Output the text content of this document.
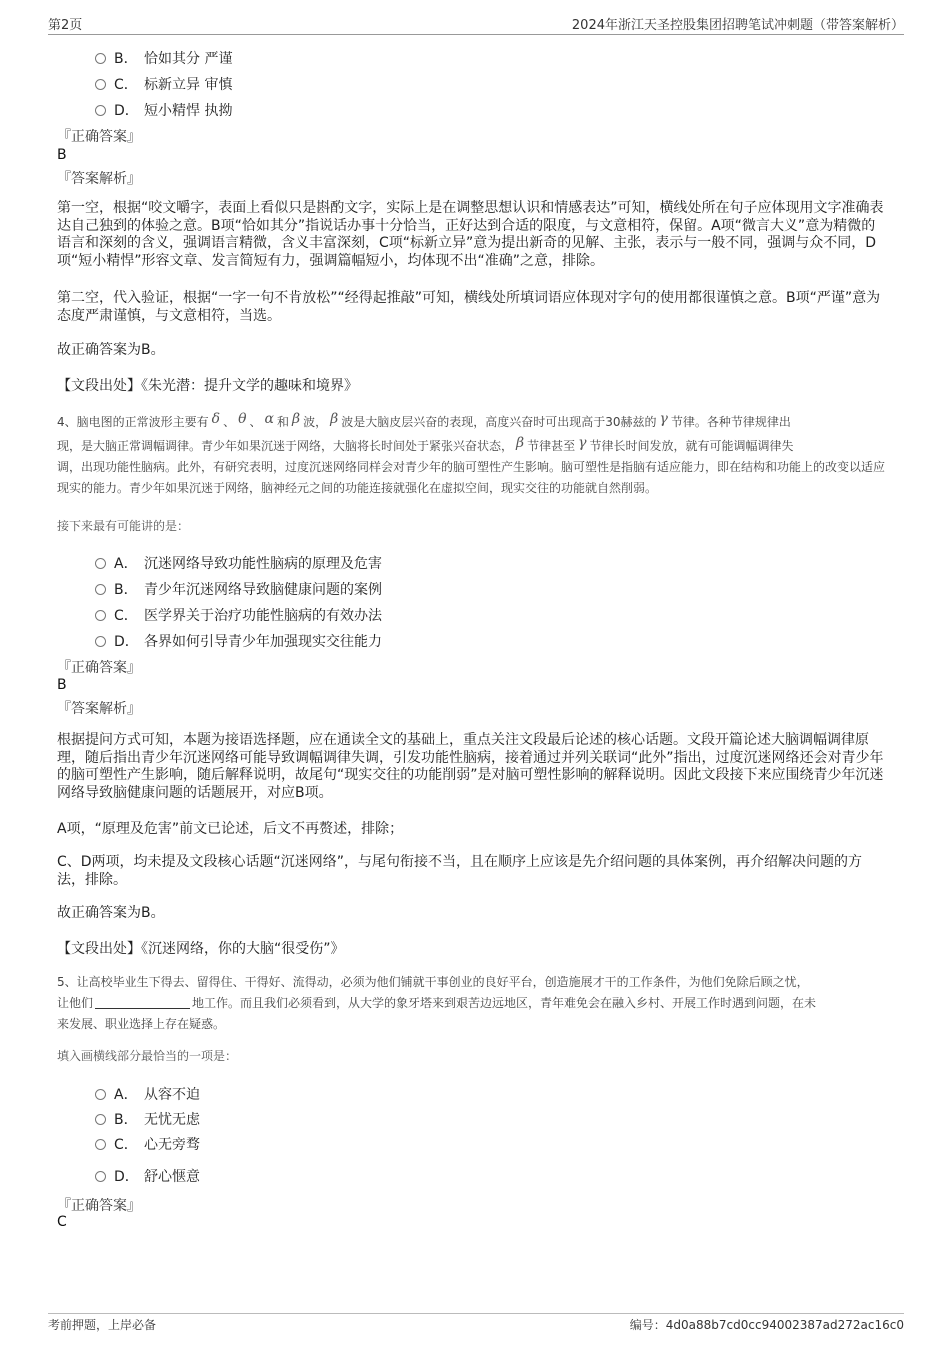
第2页	2024年浙江天圣控股集团招聘笔试冲刺题（带答案解析）
B． 恰如其分 严谨
C． 标新立异 审慎
D． 短小精悍 执拗
『正确答案』
B
『答案解析』
第一空，根据“咬文嚼字，表面上看似只是斟酌文字，实际上是在调整思想认识和情感表达”可知，横线处所在句子应体现用文字准确表达自己独到的体验之意。B项“恰如其分”指说话办事十分恰当，正好达到合适的限度，与文意相符，保留。A项“微言大义”意为精微的语言和深刻的含义，强调语言精微，含义丰富深刻，C项“标新立异”意为提出新奇的见解、主张，表示与一般不同，强调与众不同，D项“短小精悍”形容文章、发言简短有力，强调篇幅短小，均体现不出“准确”之意，排除。
第二空，代入验证，根据“一字一句不肯放松”“经得起推敲”可知，横线处所填词语应体现对字句的使用都很谨慎之意。B项“严谨”意为态度严肃谨慎，与文意相符，当选。
故正确答案为B。
【文段出处】《朱光潜：提升文学的趣味和境界》
4、脑电图的正常波形主要有 δ 、 θ 、 α 和 β 波， β 波是大脑皮层兴奋的表现，高度兴奋时可出现高于30赫兹的 γ 节律。各种节律规律出
现，是大脑正常调幅调律。青少年如果沉迷于网络，大脑将长时间处于紧张兴奋状态， β 节律甚至 γ 节律长时间发放，就有可能调幅调律失
调，出现功能性脑病。此外，有研究表明，过度沉迷网络同样会对青少年的脑可塑性产生影响。脑可塑性是指脑有适应能力，即在结构和功能上的改变以适应现实的能力。青少年如果沉迷于网络，脑神经元之间的功能连接就强化在虚拟空间，现实交往的功能就自然削弱。
接下来最有可能讲的是：
A． 沉迷网络导致功能性脑病的原理及危害
B． 青少年沉迷网络导致脑健康问题的案例
C． 医学界关于治疗功能性脑病的有效办法
D． 各界如何引导青少年加强现实交往能力
『正确答案』
B
『答案解析』
根据提问方式可知，本题为接语选择题，应在通读全文的基础上，重点关注文段最后论述的核心话题。文段开篇论述大脑调幅调律原理，随后指出青少年沉迷网络可能导致调幅调律失调，引发功能性脑病，接着通过并列关联词“此外”指出，过度沉迷网络还会对青少年的脑可塑性产生影响，随后解释说明，故尾句“现实交往的功能削弱”是对脑可塑性影响的解释说明。因此文段接下来应围绕青少年沉迷网络导致脑健康问题的话题展开，对应B项。
A项，“原理及危害”前文已论述，后文不再赘述，排除；
C、D两项，均未提及文段核心话题“沉迷网络”，与尾句衔接不当，且在顺序上应该是先介绍问题的具体案例，再介绍解决问题的方法，排除。
故正确答案为B。
【文段出处】《沉迷网络，你的大脑“很受伤”》
5、让高校毕业生下得去、留得住、干得好、流得动，必须为他们铺就干事创业的良好平台，创造施展才干的工作条件，为他们免除后顾之忧，
让他们	地工作。而且我们必须看到，从大学的象牙塔来到艰苦边远地区，青年难免会在融入乡村、开展工作时遇到问题，在未
来发展、职业选择上存在疑惑。
填入画横线部分最恰当的一项是：
A． 从容不迫
B． 无忧无虑
C． 心无旁骛
D． 舒心惬意
『正确答案』
C
考前押题，上岸必备	编号：4d0a88b7cd0cc94002387ad272ac16c0
